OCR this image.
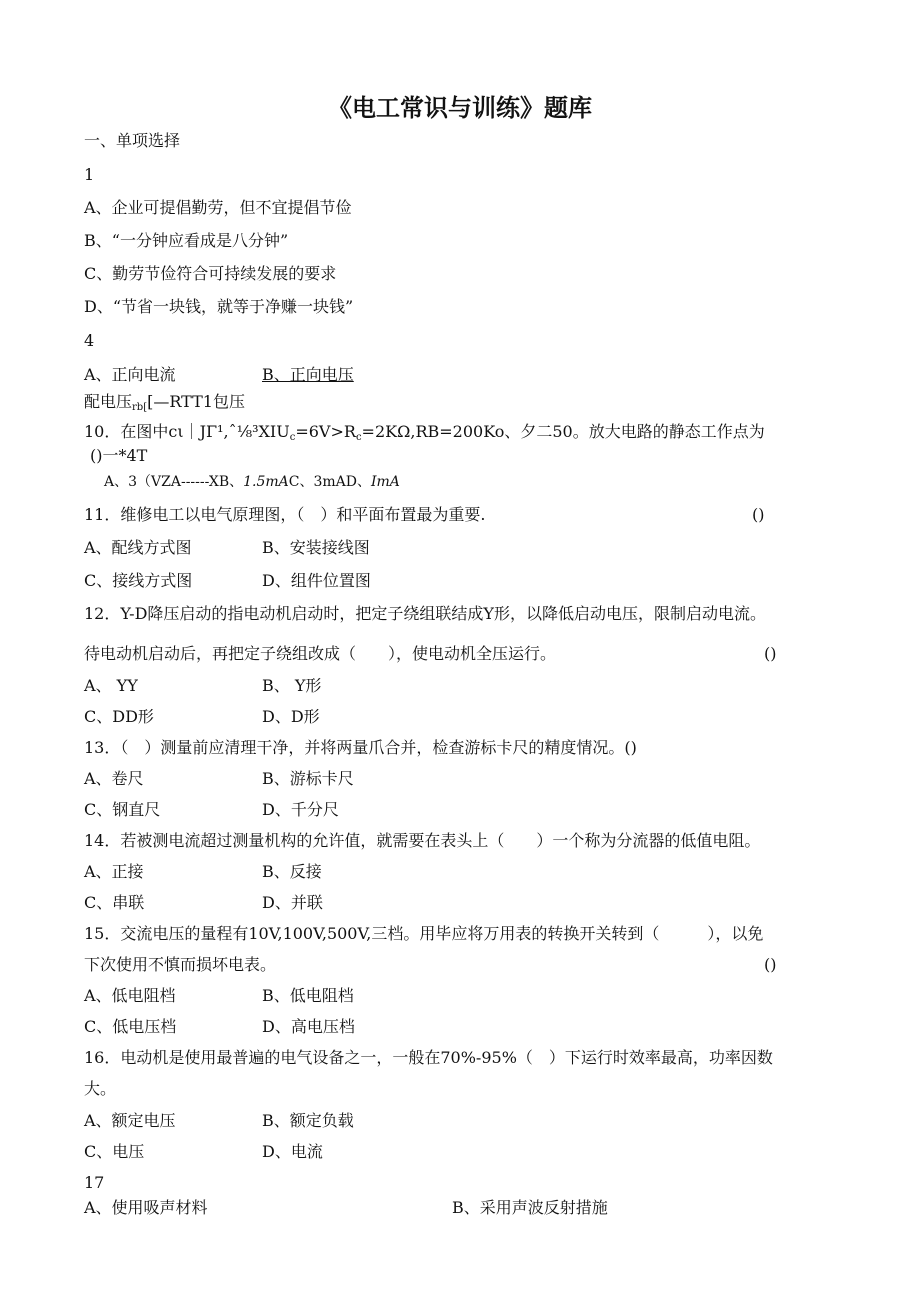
《电工常识与训练》题库
一、单项选择
1
A、企业可提倡勤劳，但不宜提倡节俭
B、“一分钟应看成是八分钟”
C、勤劳节俭符合可持续发展的要求
D、“节省一块钱，就等于净赚一块钱”
4
A、正向电流	B、正向电压
配电压rb[[—RTT1包压
10．在图中cι｜JΓ¹,ˆ⅛³XIUc=6V>Rc=2KΩ,RB=200Ko、夕二50。放大电路的静态工作点为
()一*4T
A、3（VZA------XB、1.5mAC、3mAD、ImA
11．维修电工以电气原理图，（　）和平面布置最为重要.	()
A、配线方式图	B、安装接线图
C、接线方式图	D、组件位置图
12．Y-D降压启动的指电动机启动时，把定子绕组联结成Y形，以降低启动电压，限制启动电流。
待电动机启动后，再把定子绕组改成（　　），使电动机全压运行。	()
A、 YY	B、 Y形
C、DD形	D、D形
13．（　）测量前应清理干净，并将两量爪合并，检查游标卡尺的精度情况。()
A、卷尺	B、游标卡尺
C、钢直尺	D、千分尺
14．若被测电流超过测量机构的允许值，就需要在表头上（　　）一个称为分流器的低值电阻。
A、正接	B、反接
C、串联	D、并联
15．交流电压的量程有10V,100V,500V,三档。用毕应将万用表的转换开关转到（　　　），以免
下次使用不慎而损坏电表。	()
A、低电阻档	B、低电阻档
C、低电压档	D、高电压档
16．电动机是使用最普遍的电气设备之一，一般在70%-95%（　）下运行时效率最高，功率因数
大。
A、额定电压	B、额定负载
C、电压	D、电流
17
A、使用吸声材料	B、采用声波反射措施
